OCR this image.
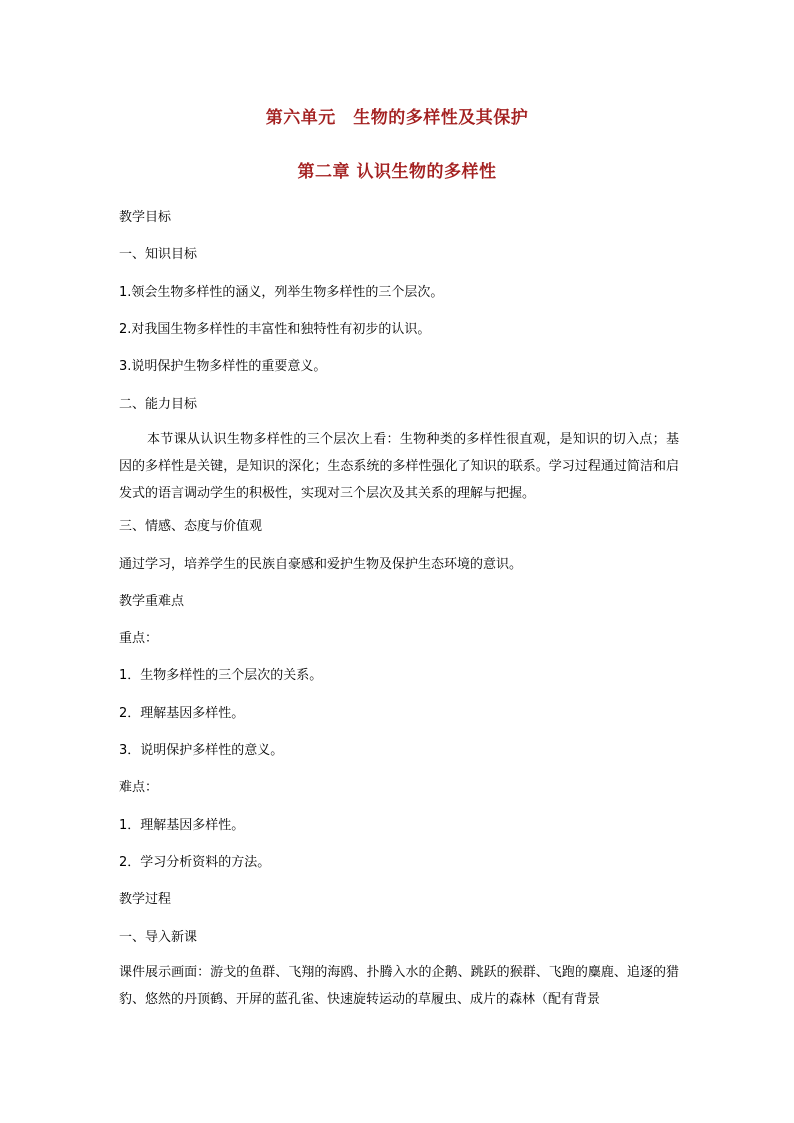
第六单元　生物的多样性及其保护
第二章 认识生物的多样性
教学目标
一、知识目标
1.领会生物多样性的涵义，列举生物多样性的三个层次。
2.对我国生物多样性的丰富性和独特性有初步的认识。
3.说明保护生物多样性的重要意义。
二、能力目标
本节课从认识生物多样性的三个层次上看：生物种类的多样性很直观，是知识的切入点；基因的多样性是关键，是知识的深化；生态系统的多样性强化了知识的联系。学习过程通过简洁和启发式的语言调动学生的积极性，实现对三个层次及其关系的理解与把握。
三、情感、态度与价值观
通过学习，培养学生的民族自豪感和爱护生物及保护生态环境的意识。
教学重难点
重点：
1．生物多样性的三个层次的关系。
2．理解基因多样性。
3．说明保护多样性的意义。
难点：
1．理解基因多样性。
2．学习分析资料的方法。
教学过程
一、导入新课
课件展示画面：游戈的鱼群、飞翔的海鸥、扑腾入水的企鹅、跳跃的猴群、飞跑的麋鹿、追逐的猎豹、悠然的丹顶鹤、开屏的蓝孔雀、快速旋转运动的草履虫、成片的森林（配有背景
